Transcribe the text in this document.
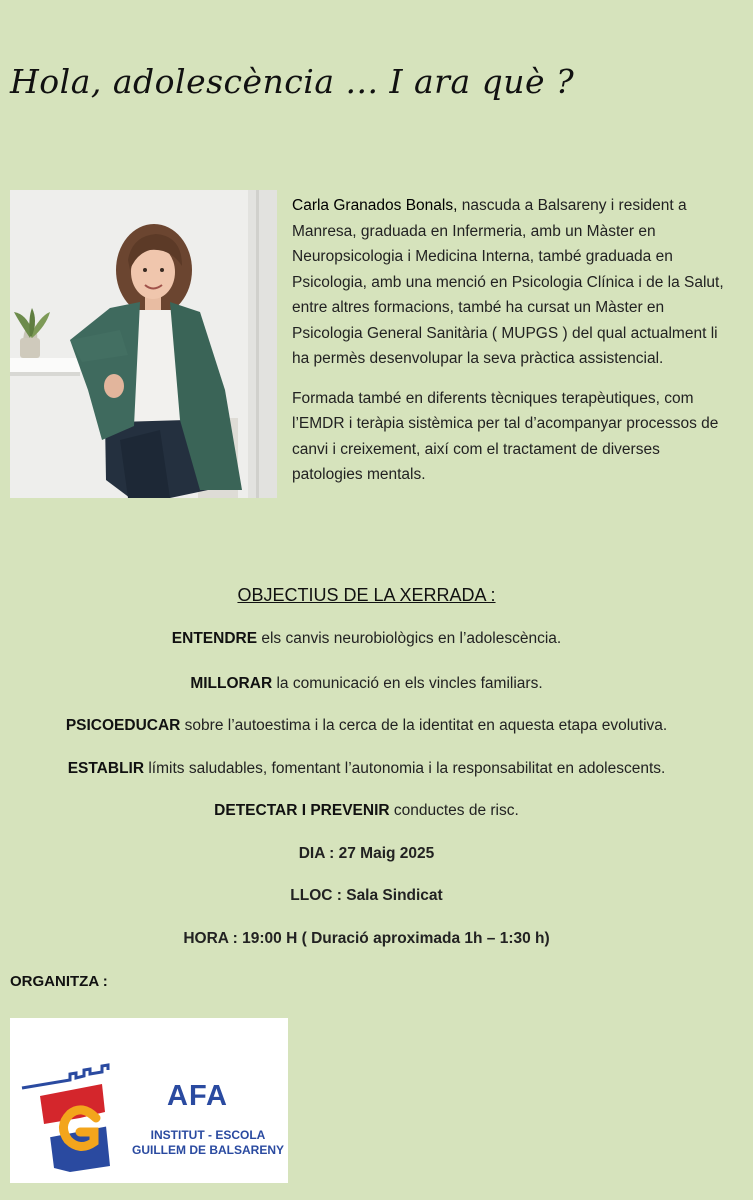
Hola, adolescència ... I ara què ?

Carla Granados Bonals, nascuda a Balsareny i resident a Manresa, graduada en Infermeria, amb un Màster en Neuropsicologia i Medicina Interna, també graduada en Psicologia, amb una menció en Psicologia Clínica i de la Salut, entre altres formacions, també ha cursat un Màster en Psicologia General Sanitària ( MUPGS ) del qual actualment li ha permès desenvolupar la seva pràctica assistencial.

Formada també en diferents tècniques terapèutiques, com l’EMDR i teràpia sistèmica per tal d’acompanyar processos de canvi i creixement, així com el tractament de diverses patologies mentals.

OBJECTIUS DE LA XERRADA :
ENTENDRE els canvis neurobiològics en l’adolescència.
MILLORAR la comunicació en els vincles familiars.
PSICOEDUCAR sobre l’autoestima i la cerca de la identitat en aquesta etapa evolutiva.
ESTABLIR límits saludables, fomentant l’autonomia i la responsabilitat en adolescents.
DETECTAR I PREVENIR conductes de risc.
DIA : 27 Maig 2025
LLOC : Sala Sindicat
HORA : 19:00 H ( Duració aproximada 1h – 1:30 h)
ORGANITZA :
AFA
INSTITUT - ESCOLA
GUILLEM DE BALSARENY
